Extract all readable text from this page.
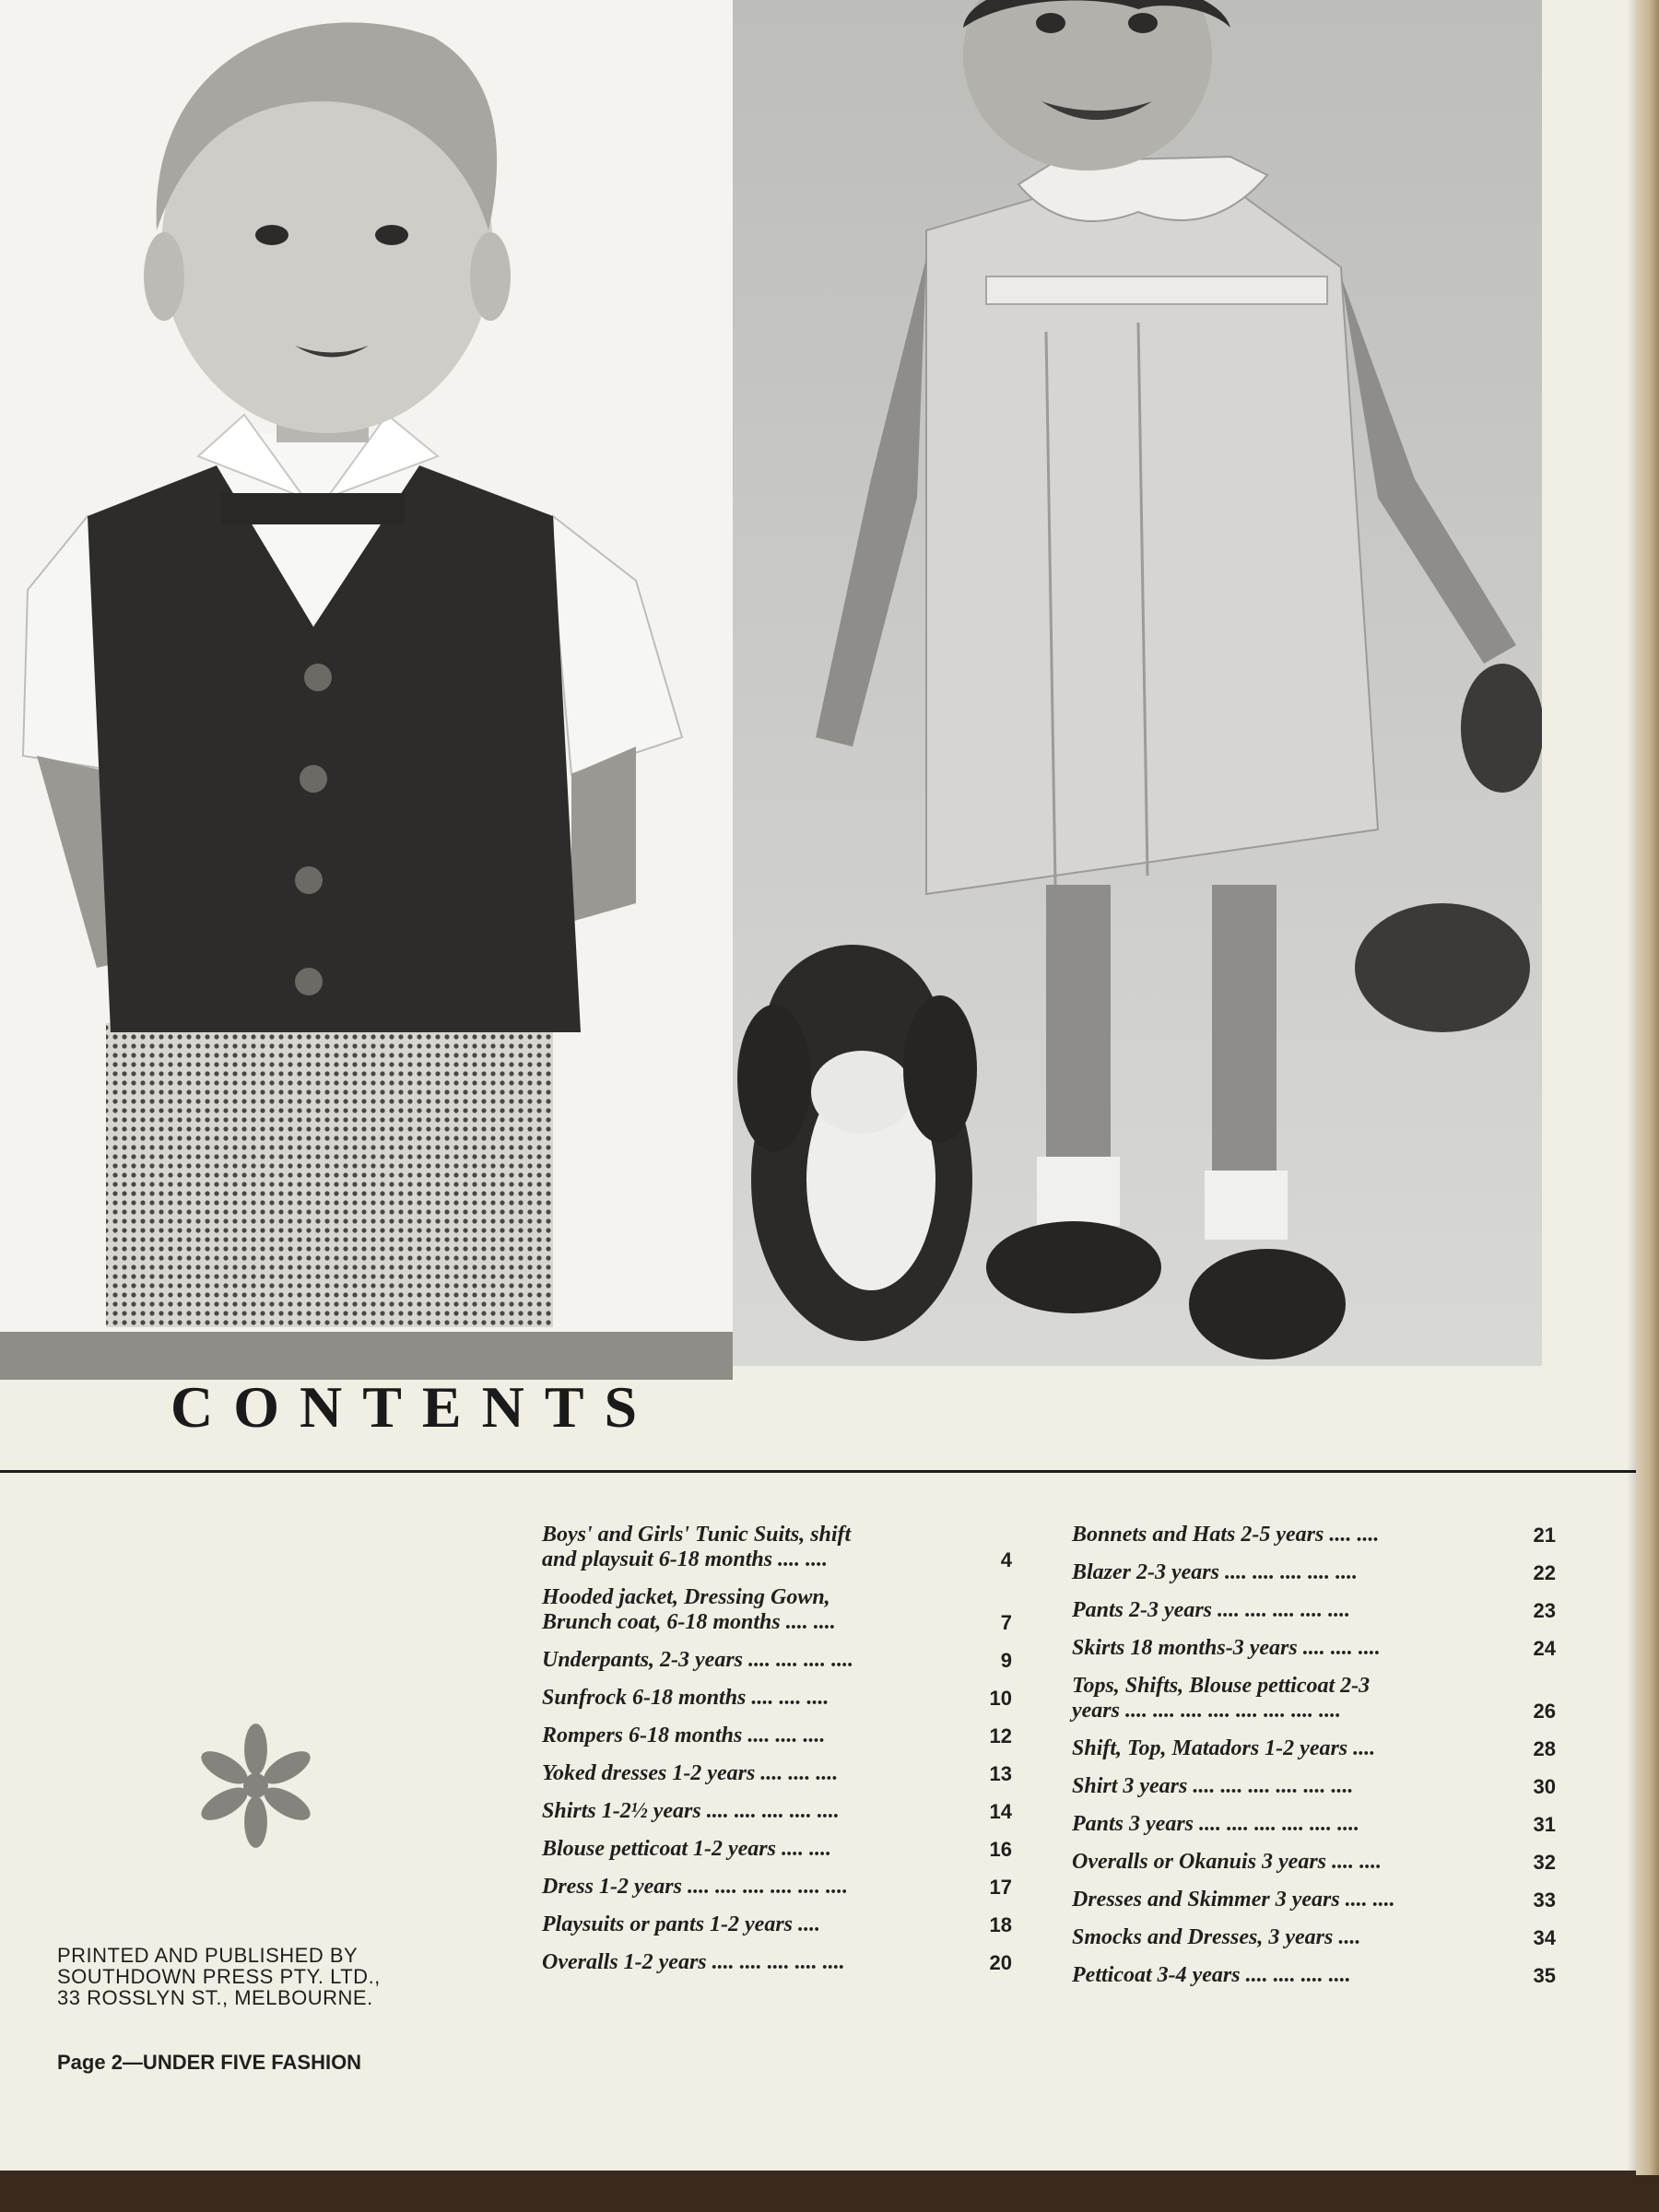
CONTENTS
PRINTED AND PUBLISHED BY
SOUTHDOWN PRESS PTY. LTD.,
33 ROSSLYN ST., MELBOURNE.
Page 2—UNDER FIVE FASHION
Boys' and Girls' Tunic Suits, shift
and playsuit 6-18 months .... ....	4
Hooded jacket, Dressing Gown,
Brunch coat, 6-18 months .... ....	7
Underpants, 2-3 years .... .... .... ....	9
Sunfrock 6-18 months .... .... ....	10
Rompers 6-18 months .... .... ....	12
Yoked dresses 1-2 years .... .... ....	13
Shirts 1-2½ years .... .... .... .... ....	14
Blouse petticoat 1-2 years .... ....	16
Dress 1-2 years .... .... .... .... .... ....	17
Playsuits or pants 1-2 years ....	18
Overalls 1-2 years .... .... .... .... ....	20
Bonnets and Hats 2-5 years .... ....	21
Blazer 2-3 years .... .... .... .... ....	22
Pants 2-3 years .... .... .... .... ....	23
Skirts 18 months-3 years .... .... ....	24
Tops, Shifts, Blouse petticoat 2-3
years .... .... .... .... .... .... .... ....	26
Shift, Top, Matadors 1-2 years ....	28
Shirt 3 years .... .... .... .... .... ....	30
Pants 3 years .... .... .... .... .... ....	31
Overalls or Okanuis 3 years .... ....	32
Dresses and Skimmer 3 years .... ....	33
Smocks and Dresses, 3 years ....	34
Petticoat 3-4 years .... .... .... ....	35
